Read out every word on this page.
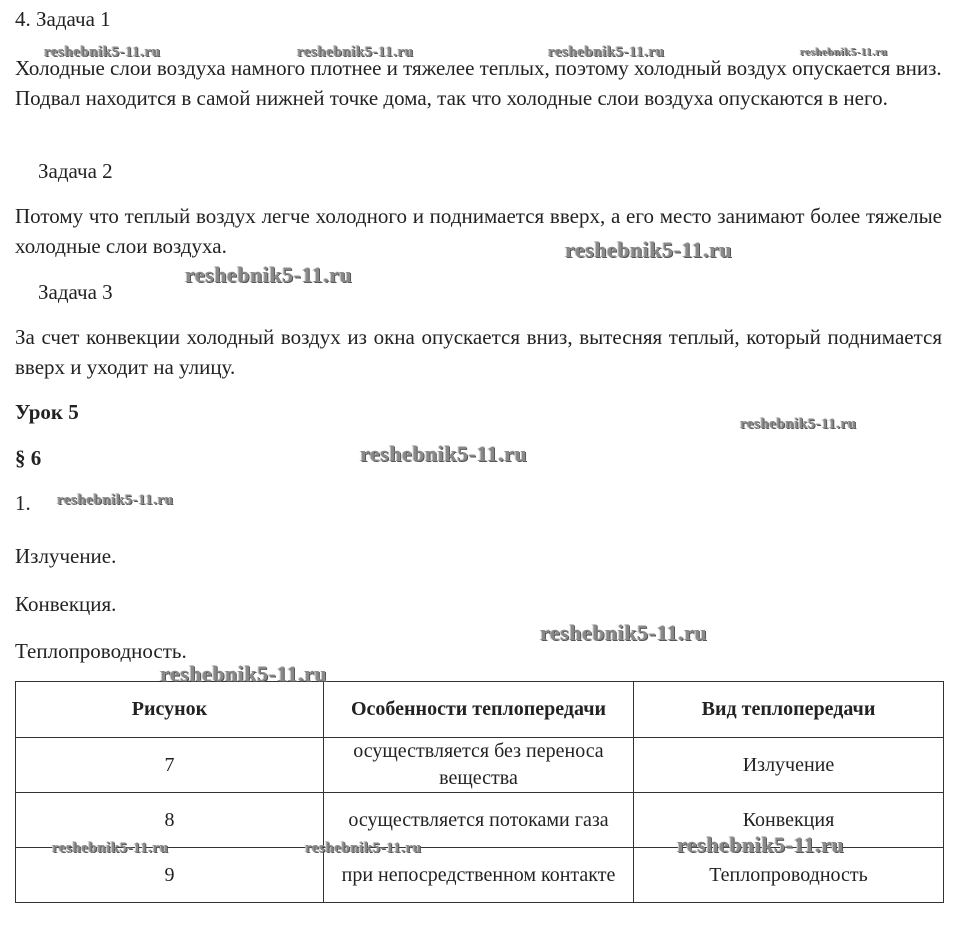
4. Задача 1
Холодные слои воздуха намного плотнее и тяжелее теплых, поэтому холодный воздух опускается вниз. Подвал находится в самой нижней точке дома, так что холодные слои воздуха опускаются в него.
Задача 2
Потому что теплый воздух легче холодного и поднимается вверх, а его место занимают более тяжелые холодные слои воздуха.
Задача 3
За счет конвекции холодный воздух из окна опускается вниз, вытесняя теплый, который поднимается вверх и уходит на улицу.
Урок 5
§ 6
1.
Излучение.
Конвекция.
Теплопроводность.
Рисунок	Особенности теплопередачи	Вид теплопередачи
7	осуществляется без переноса вещества	Излучение
8	осуществляется потоками газа	Конвекция
9	при непосредственном контакте	Теплопроводность
reshebnik5-11.ru	reshebnik5-11.ru	reshebnik5-11.ru	reshebnik5-11.ru
reshebnik5-11.ru
reshebnik5-11.ru
reshebnik5-11.ru
reshebnik5-11.ru
reshebnik5-11.ru
reshebnik5-11.ru
reshebnik5-11.ru
reshebnik5-11.ru	reshebnik5-11.ru	reshebnik5-11.ru
